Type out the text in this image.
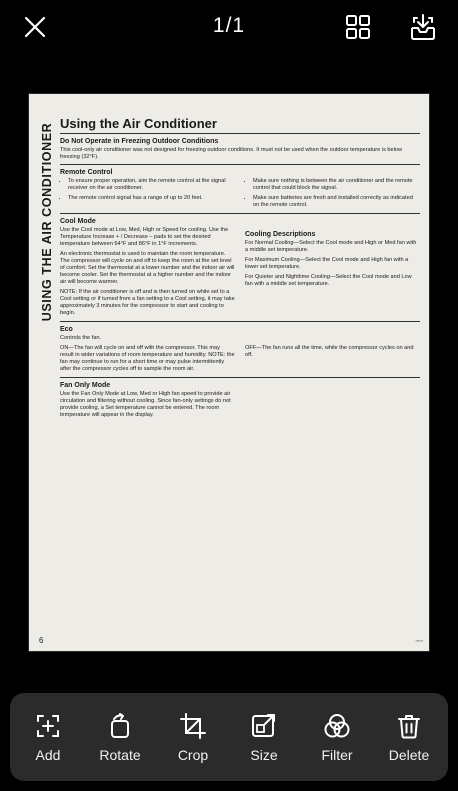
1/1
USING THE AIR CONDITIONER Using the Air Conditioner
Do Not Operate in Freezing Outdoor Conditions

This cool-only air conditioner was not designed for freezing outdoor conditions. It must not be used when the outdoor temperature is below freezing (32°F).

Remote Control
• To ensure proper operation, aim the remote control at the signal receiver on the air conditioner.
• The remote control signal has a range of up to 20 feet.
• Make sure nothing is between the air conditioner and the remote control that could block the signal.
• Make sure batteries are fresh and installed correctly as indicated on the remote control.
Cool Mode

Use the Cool mode at Low, Med, High or Speed for cooling. Use the Temperature Increase + / Decrease – pads to set the desired temperature between 64°F and 86°F in 1°F increments.

An electronic thermostat is used to maintain the room temperature. The compressor will cycle on and off to keep the room at the set level of comfort. Set the thermostat at a lower number and the indoor air will become cooler. Set the thermostat at a higher number and the indoor air will become warmer.

NOTE: If the air conditioner is off and is then turned on while set to a Cool setting or if turned from a fan setting to a Cool setting, it may take approximately 3 minutes for the compressor to start and cooling to begin.

Cooling Descriptions

For Normal Cooling—Select the Cool mode and High or Med fan with a middle set temperature.

For Maximum Cooling—Select the Cool mode and High fan with a lower set temperature.

For Quieter and Nighttime Cooling—Select the Cool mode and Low fan with a middle set temperature.

Eco

Controls the fan.

ON—The fan will cycle on and off with the compressor. This may result in wider variations of room temperature and humidity. NOTE: the fan may continue to run for a short time or may pulse intermittently after the compressor cycles off to sample the room air.

OFF—The fan runs all the time, while the compressor cycles on and off.

Fan Only Mode

Use the Fan Only Mode at Low, Med or High fan speed to provide air circulation and filtering without cooling. Since fan-only settings do not provide cooling, a Set temperature cannot be entered. The room temperature will appear in the display.

6	▪▪▪▪▪▪
Add	Rotate	Crop	Size	Filter	Delete
